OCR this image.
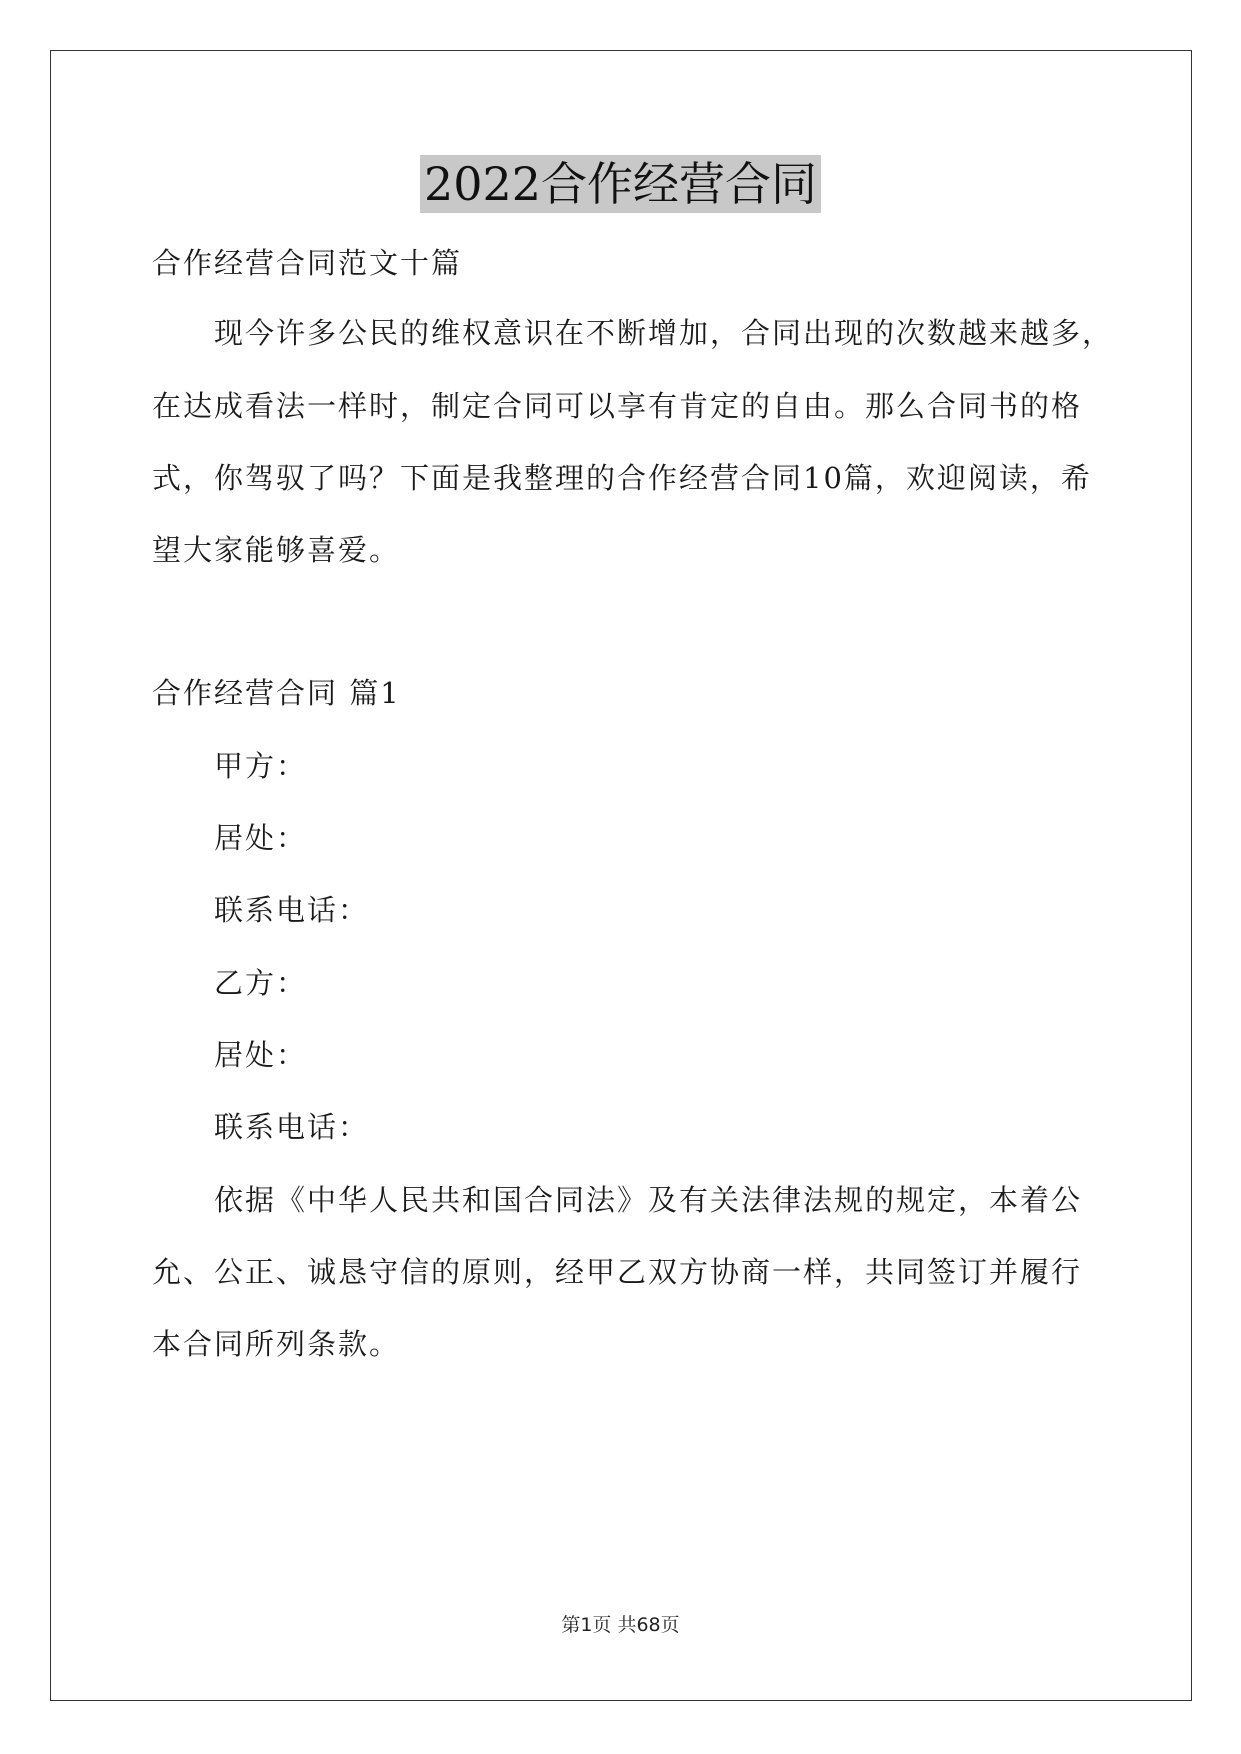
2022合作经营合同

合作经营合同范文十篇

现今许多公民的维权意识在不断增加，合同出现的次数越来越多，

在达成看法一样时，制定合同可以享有肯定的自由。那么合同书的格

式，你驾驭了吗？下面是我整理的合作经营合同10篇，欢迎阅读，希

望大家能够喜爱。

合作经营合同 篇1

甲方：

居处：

联系电话：

乙方：

居处：

联系电话：

依据《中华人民共和国合同法》及有关法律法规的规定，本着公

允、公正、诚恳守信的原则，经甲乙双方协商一样，共同签订并履行

本合同所列条款。

第1页 共68页
